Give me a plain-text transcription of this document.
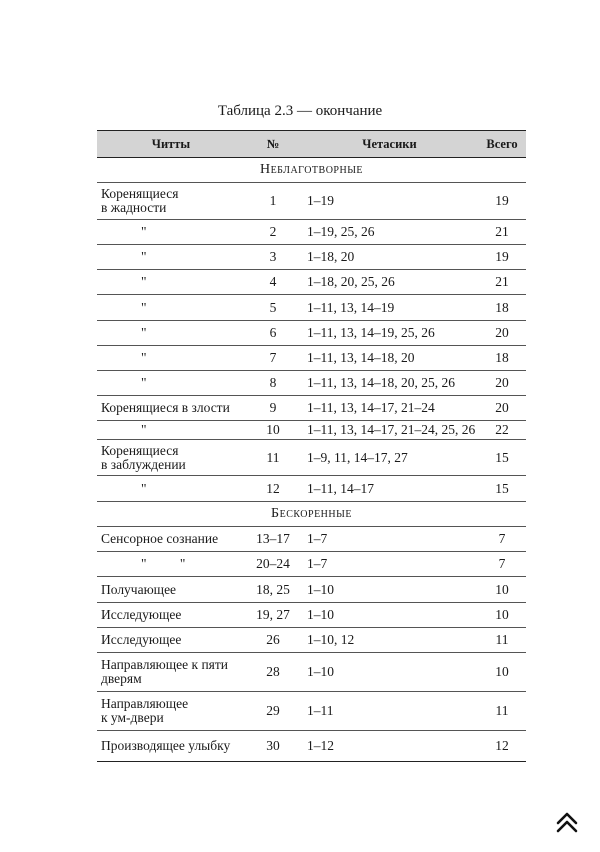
Таблица 2.3 — окончание
Читты	№	Четасики	Всего
Неблаготворные			
Корeнящиеся
в жадности	1	1–19	19
"	2	1–19, 25, 26	21
"	3	1–18, 20	19
"	4	1–18, 20, 25, 26	21
"	5	1–11, 13, 14–19	18
"	6	1–11, 13, 14–19, 25, 26	20
"	7	1–11, 13, 14–18, 20	18
"	8	1–11, 13, 14–18, 20, 25, 26	20
Коренящиеся в злости	9	1–11, 13, 14–17, 21–24	20
"	10	1–11, 13, 14–17, 21–24, 25, 26	22
Коренящиеся
в заблуждении	11	1–9, 11, 14–17, 27	15
"	12	1–11, 14–17	15
Бескоренные			
Сенсорное сознание	13–17	1–7	7
" "	20–24	1–7	7
Получающее	18, 25	1–10	10
Исследующее	19, 27	1–10	10
Исследующее	26	1–10, 12	11
Направляющее к пяти
дверям	28	1–10	10
Направляющее
к ум-двери	29	1–11	11
Производящее улыбку	30	1–12	12
